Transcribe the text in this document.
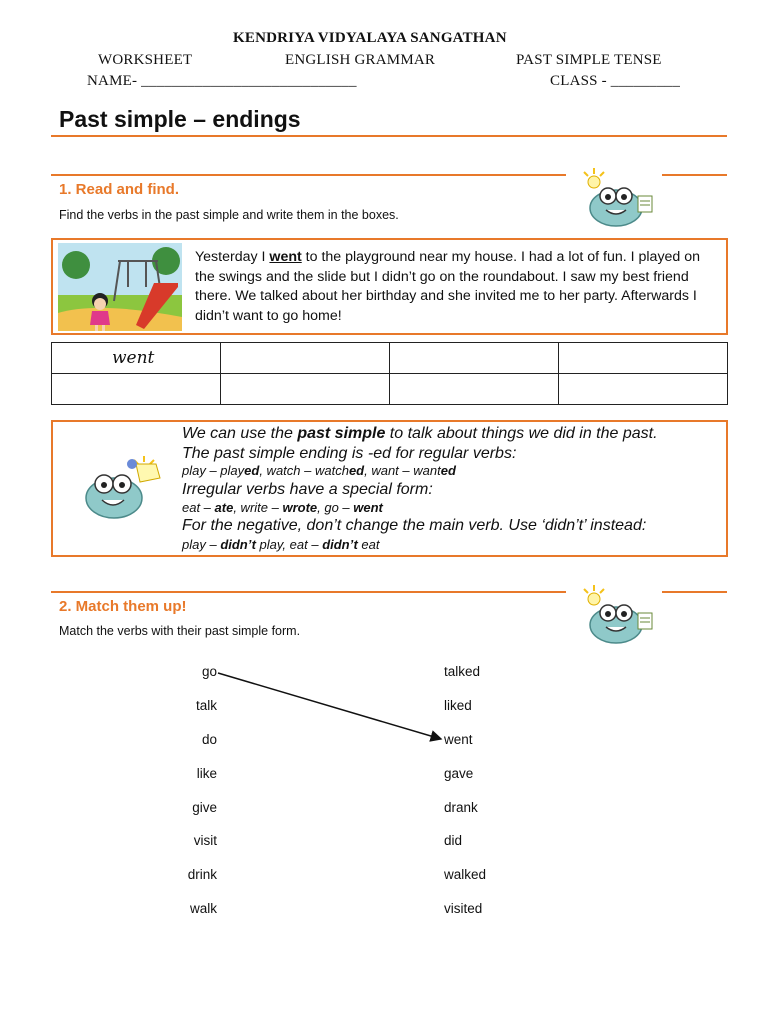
KENDRIYA VIDYALAYA SANGATHAN
WORKSHEET	ENGLISH GRAMMAR	PAST SIMPLE TENSE
NAME- ____________________________	CLASS - _________
Past simple – endings
1. Read and find.
Find the verbs in the past simple and write them in the boxes.
Yesterday I went to the playground near my house. I had a lot of fun. I played on the swings and the slide but I didn’t go on the roundabout. I saw my best friend there. We talked about her birthday and she invited me to her party. Afterwards I didn’t want to go home!
went			

We can use the past simple to talk about things we did in the past.
The past simple ending is -ed for regular verbs:
play – played, watch – watched, want – wanted
Irregular verbs have a special form:
eat – ate, write – wrote, go – went
For the negative, don’t change the main verb. Use ‘didn’t’ instead:
play – didn’t play, eat – didn’t eat
2. Match them up!
Match the verbs with their past simple form.
go
talk
do
like
give
visit
drink
walk
talked
liked
went
gave
drank
did
walked
visited
